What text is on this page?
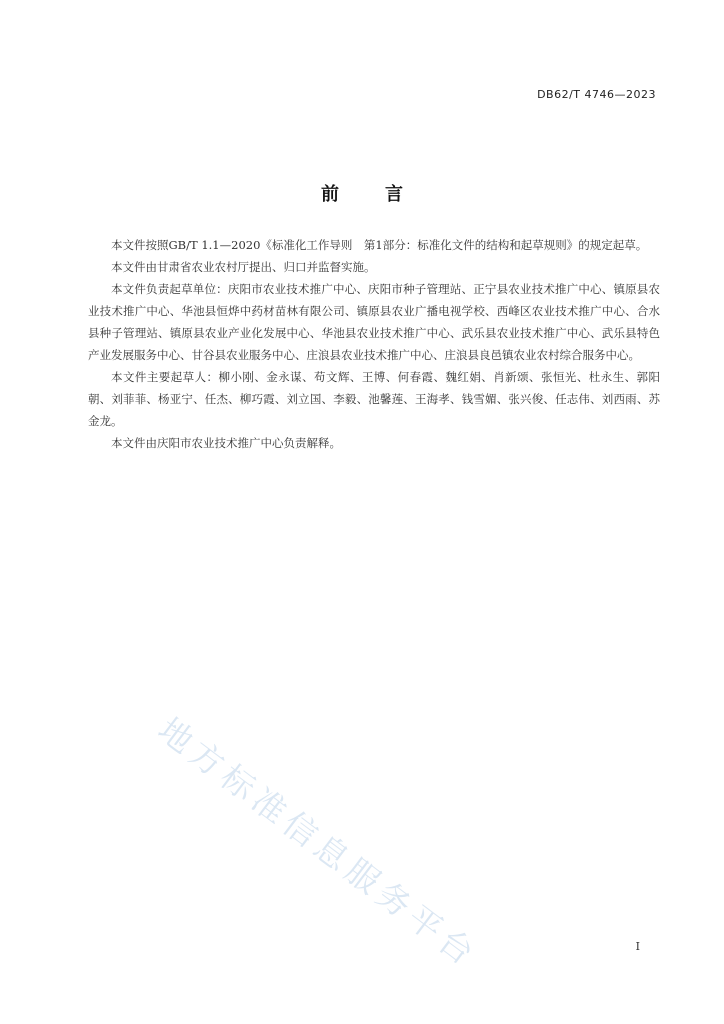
DB62/T 4746—2023
前言

本文件按照GB/T 1.1—2020《标准化工作导则　第1部分：标准化文件的结构和起草规则》的规定起草。

本文件由甘肃省农业农村厅提出、归口并监督实施。

本文件负责起草单位：庆阳市农业技术推广中心、庆阳市种子管理站、正宁县农业技术推广中心、镇原县农业技术推广中心、华池县恒烨中药材苗林有限公司、镇原县农业广播电视学校、西峰区农业技术推广中心、合水县种子管理站、镇原县农业产业化发展中心、华池县农业技术推广中心、武乐县农业技术推广中心、武乐县特色产业发展服务中心、甘谷县农业服务中心、庄浪县农业技术推广中心、庄浪县良邑镇农业农村综合服务中心。

本文件主要起草人：柳小刚、金永谋、苟文辉、王博、何春霞、魏红娟、肖新颂、张恒光、杜永生、郭阳朝、刘菲菲、杨亚宁、任杰、柳巧霞、刘立国、李毅、池馨莲、王海孝、钱雪媚、张兴俊、任志伟、刘西雨、苏金龙。

本文件由庆阳市农业技术推广中心负责解释。

地方标准信息服务平台	I
